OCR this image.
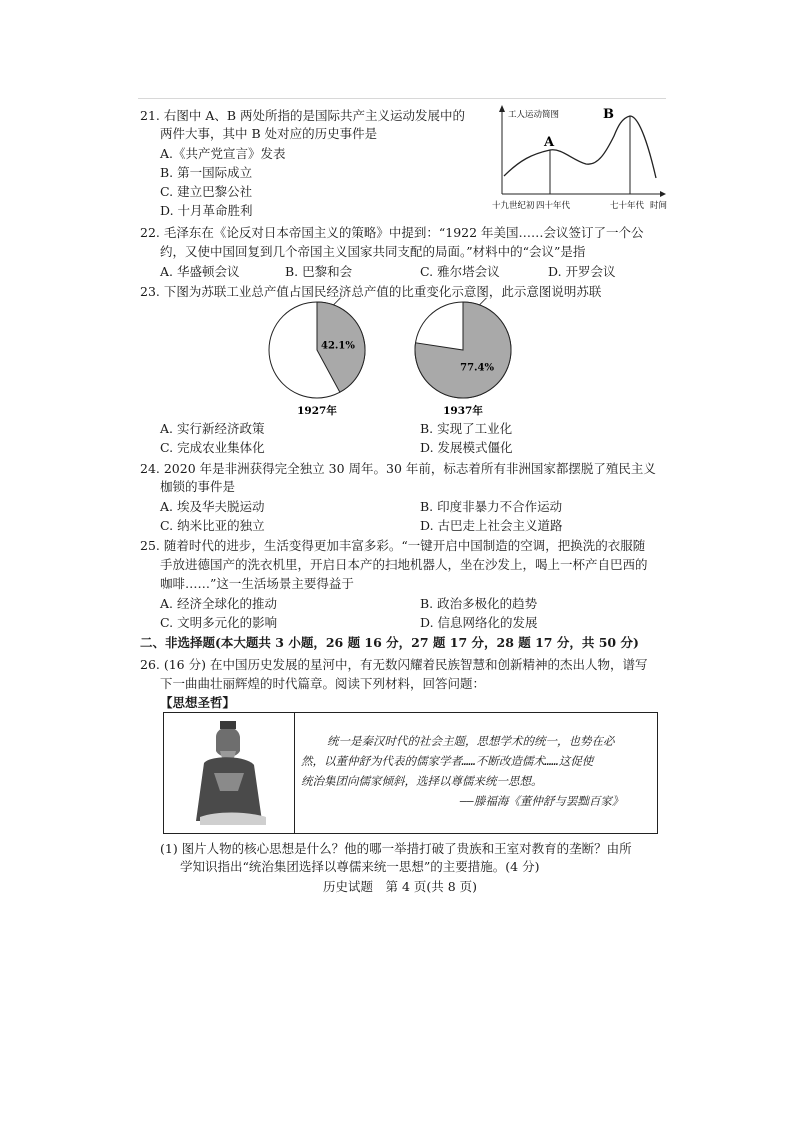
21. 右图中 A、B 两处所指的是国际共产主义运动发展中的
两件大事，其中 B 处对应的历史事件是
A.《共产党宣言》发表
B. 第一国际成立
C. 建立巴黎公社
D. 十月革命胜利
工人运动简图
A
B
十九世纪初 四十年代	七十年代 时间
22. 毛泽东在《论反对日本帝国主义的策略》中提到：“1922 年美国……会议签订了一个公
约，又使中国回复到几个帝国主义国家共同支配的局面。”材料中的“会议”是指
A. 华盛顿会议	B. 巴黎和会	C. 雅尔塔会议	D. 开罗会议
23. 下图为苏联工业总产值占国民经济总产值的比重变化示意图，此示意图说明苏联
42.1%
77.4%
1927年	1937年
A. 实行新经济政策	B. 实现了工业化
C. 完成农业集体化	D. 发展模式僵化
24. 2020 年是非洲获得完全独立 30 周年。30 年前，标志着所有非洲国家都摆脱了殖民主义
枷锁的事件是
A. 埃及华夫脱运动	B. 印度非暴力不合作运动
C. 纳米比亚的独立	D. 古巴走上社会主义道路
25. 随着时代的进步，生活变得更加丰富多彩。“一键开启中国制造的空调，把换洗的衣服随
手放进德国产的洗衣机里，开启日本产的扫地机器人，坐在沙发上，喝上一杯产自巴西的
咖啡……”这一生活场景主要得益于
A. 经济全球化的推动	B. 政治多极化的趋势
C. 文明多元化的影响	D. 信息网络化的发展
二、非选择题(本大题共 3 小题，26 题 16 分，27 题 17 分，28 题 17 分，共 50 分)
26. (16 分) 在中国历史发展的星河中，有无数闪耀着民族智慧和创新精神的杰出人物，谱写
下一曲曲壮丽辉煌的时代篇章。阅读下列材料，回答问题：
【思想圣哲】
统一是秦汉时代的社会主题，思想学术的统一，也势在必
然，以董仲舒为代表的儒家学者……不断改造儒术……这促使
统治集团向儒家倾斜，选择以尊儒来统一思想。
——滕福海《董仲舒与罢黜百家》
(1) 图片人物的核心思想是什么？他的哪一举措打破了贵族和王室对教育的垄断？由所
学知识指出“统治集团选择以尊儒来统一思想”的主要措施。(4 分)
历史试题　第 4 页(共 8 页)
